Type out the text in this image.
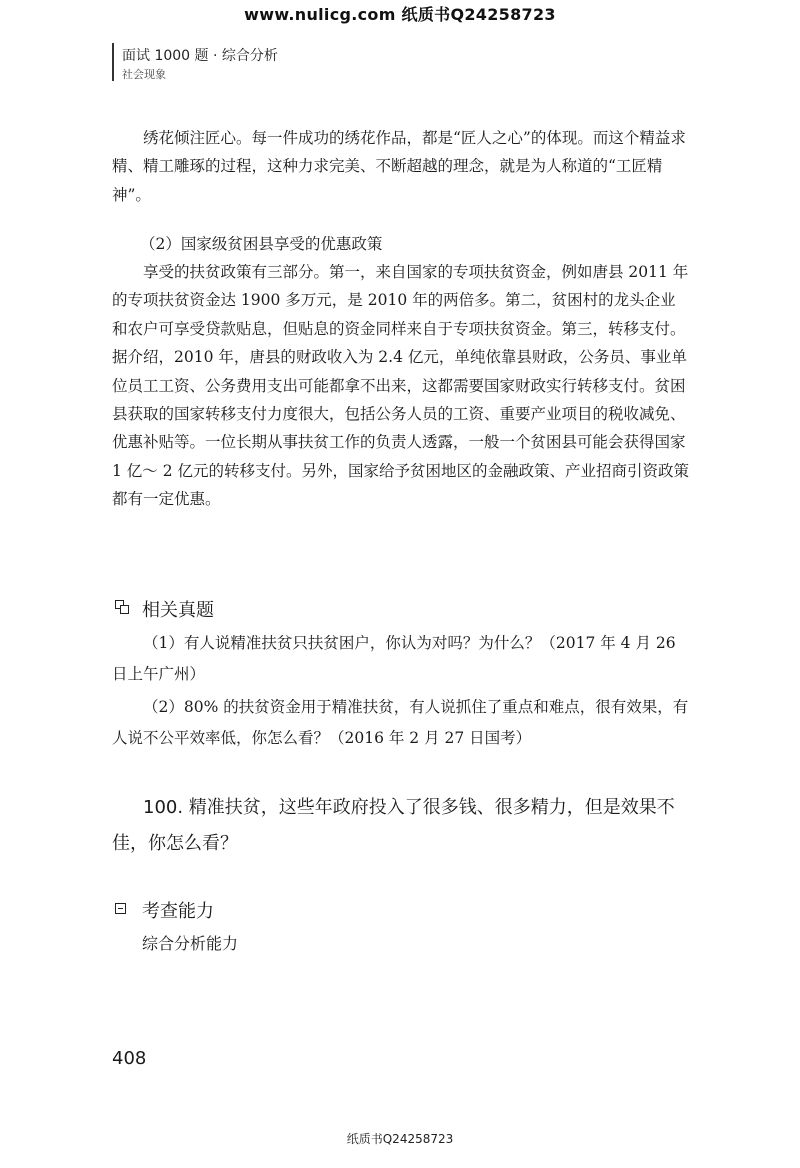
www.nulicg.com 纸质书Q24258723
面试 1000 题 · 综合分析
社会现象
绣花倾注匠心。每一件成功的绣花作品，都是“匠人之心”的体现。而这个精益求精、精工雕琢的过程，这种力求完美、不断超越的理念，就是为人称道的“工匠精神”。
（2）国家级贫困县享受的优惠政策
享受的扶贫政策有三部分。第一，来自国家的专项扶贫资金，例如唐县 2011 年的专项扶贫资金达 1900 多万元，是 2010 年的两倍多。第二，贫困村的龙头企业和农户可享受贷款贴息，但贴息的资金同样来自于专项扶贫资金。第三，转移支付。据介绍，2010 年，唐县的财政收入为 2.4 亿元，单纯依靠县财政，公务员、事业单位员工工资、公务费用支出可能都拿不出来，这都需要国家财政实行转移支付。贫困县获取的国家转移支付力度很大，包括公务人员的工资、重要产业项目的税收减免、优惠补贴等。一位长期从事扶贫工作的负责人透露，一般一个贫困县可能会获得国家 1 亿～ 2 亿元的转移支付。另外，国家给予贫困地区的金融政策、产业招商引资政策都有一定优惠。
相关真题
（1）有人说精准扶贫只扶贫困户，你认为对吗？为什么？（2017 年 4 月 26 日上午广州）
（2）80% 的扶贫资金用于精准扶贫，有人说抓住了重点和难点，很有效果，有人说不公平效率低，你怎么看？（2016 年 2 月 27 日国考）
100. 精准扶贫，这些年政府投入了很多钱、很多精力，但是效果不佳，你怎么看？
考查能力
综合分析能力
408
纸质书Q24258723
